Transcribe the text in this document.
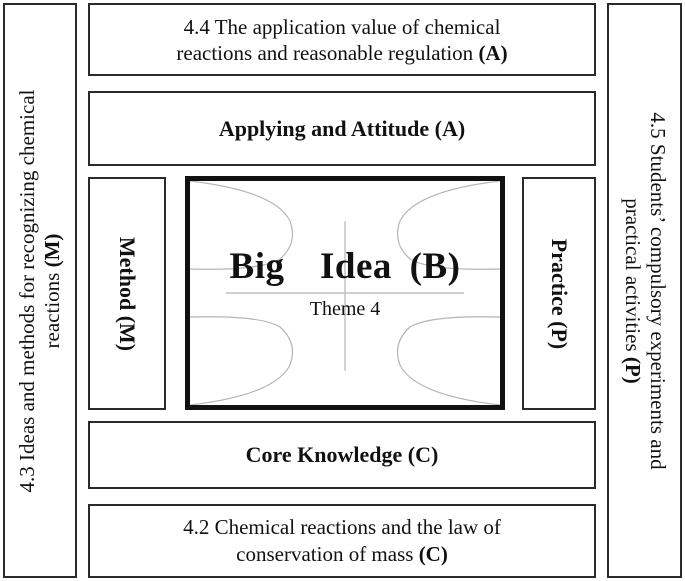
4.3 Ideas and methods for recognizing chemical reactions (M)	4.5 Students’ compulsory experiments and
practical activities (P)
4.4 The application value of chemical
reactions and reasonable regulation (A)
Applying and Attitude (A)
Method (M)	Practice (P)
Big  Idea (B)
Theme 4
Core Knowledge (C)
4.2 Chemical reactions and the law of
conservation of mass (C)
